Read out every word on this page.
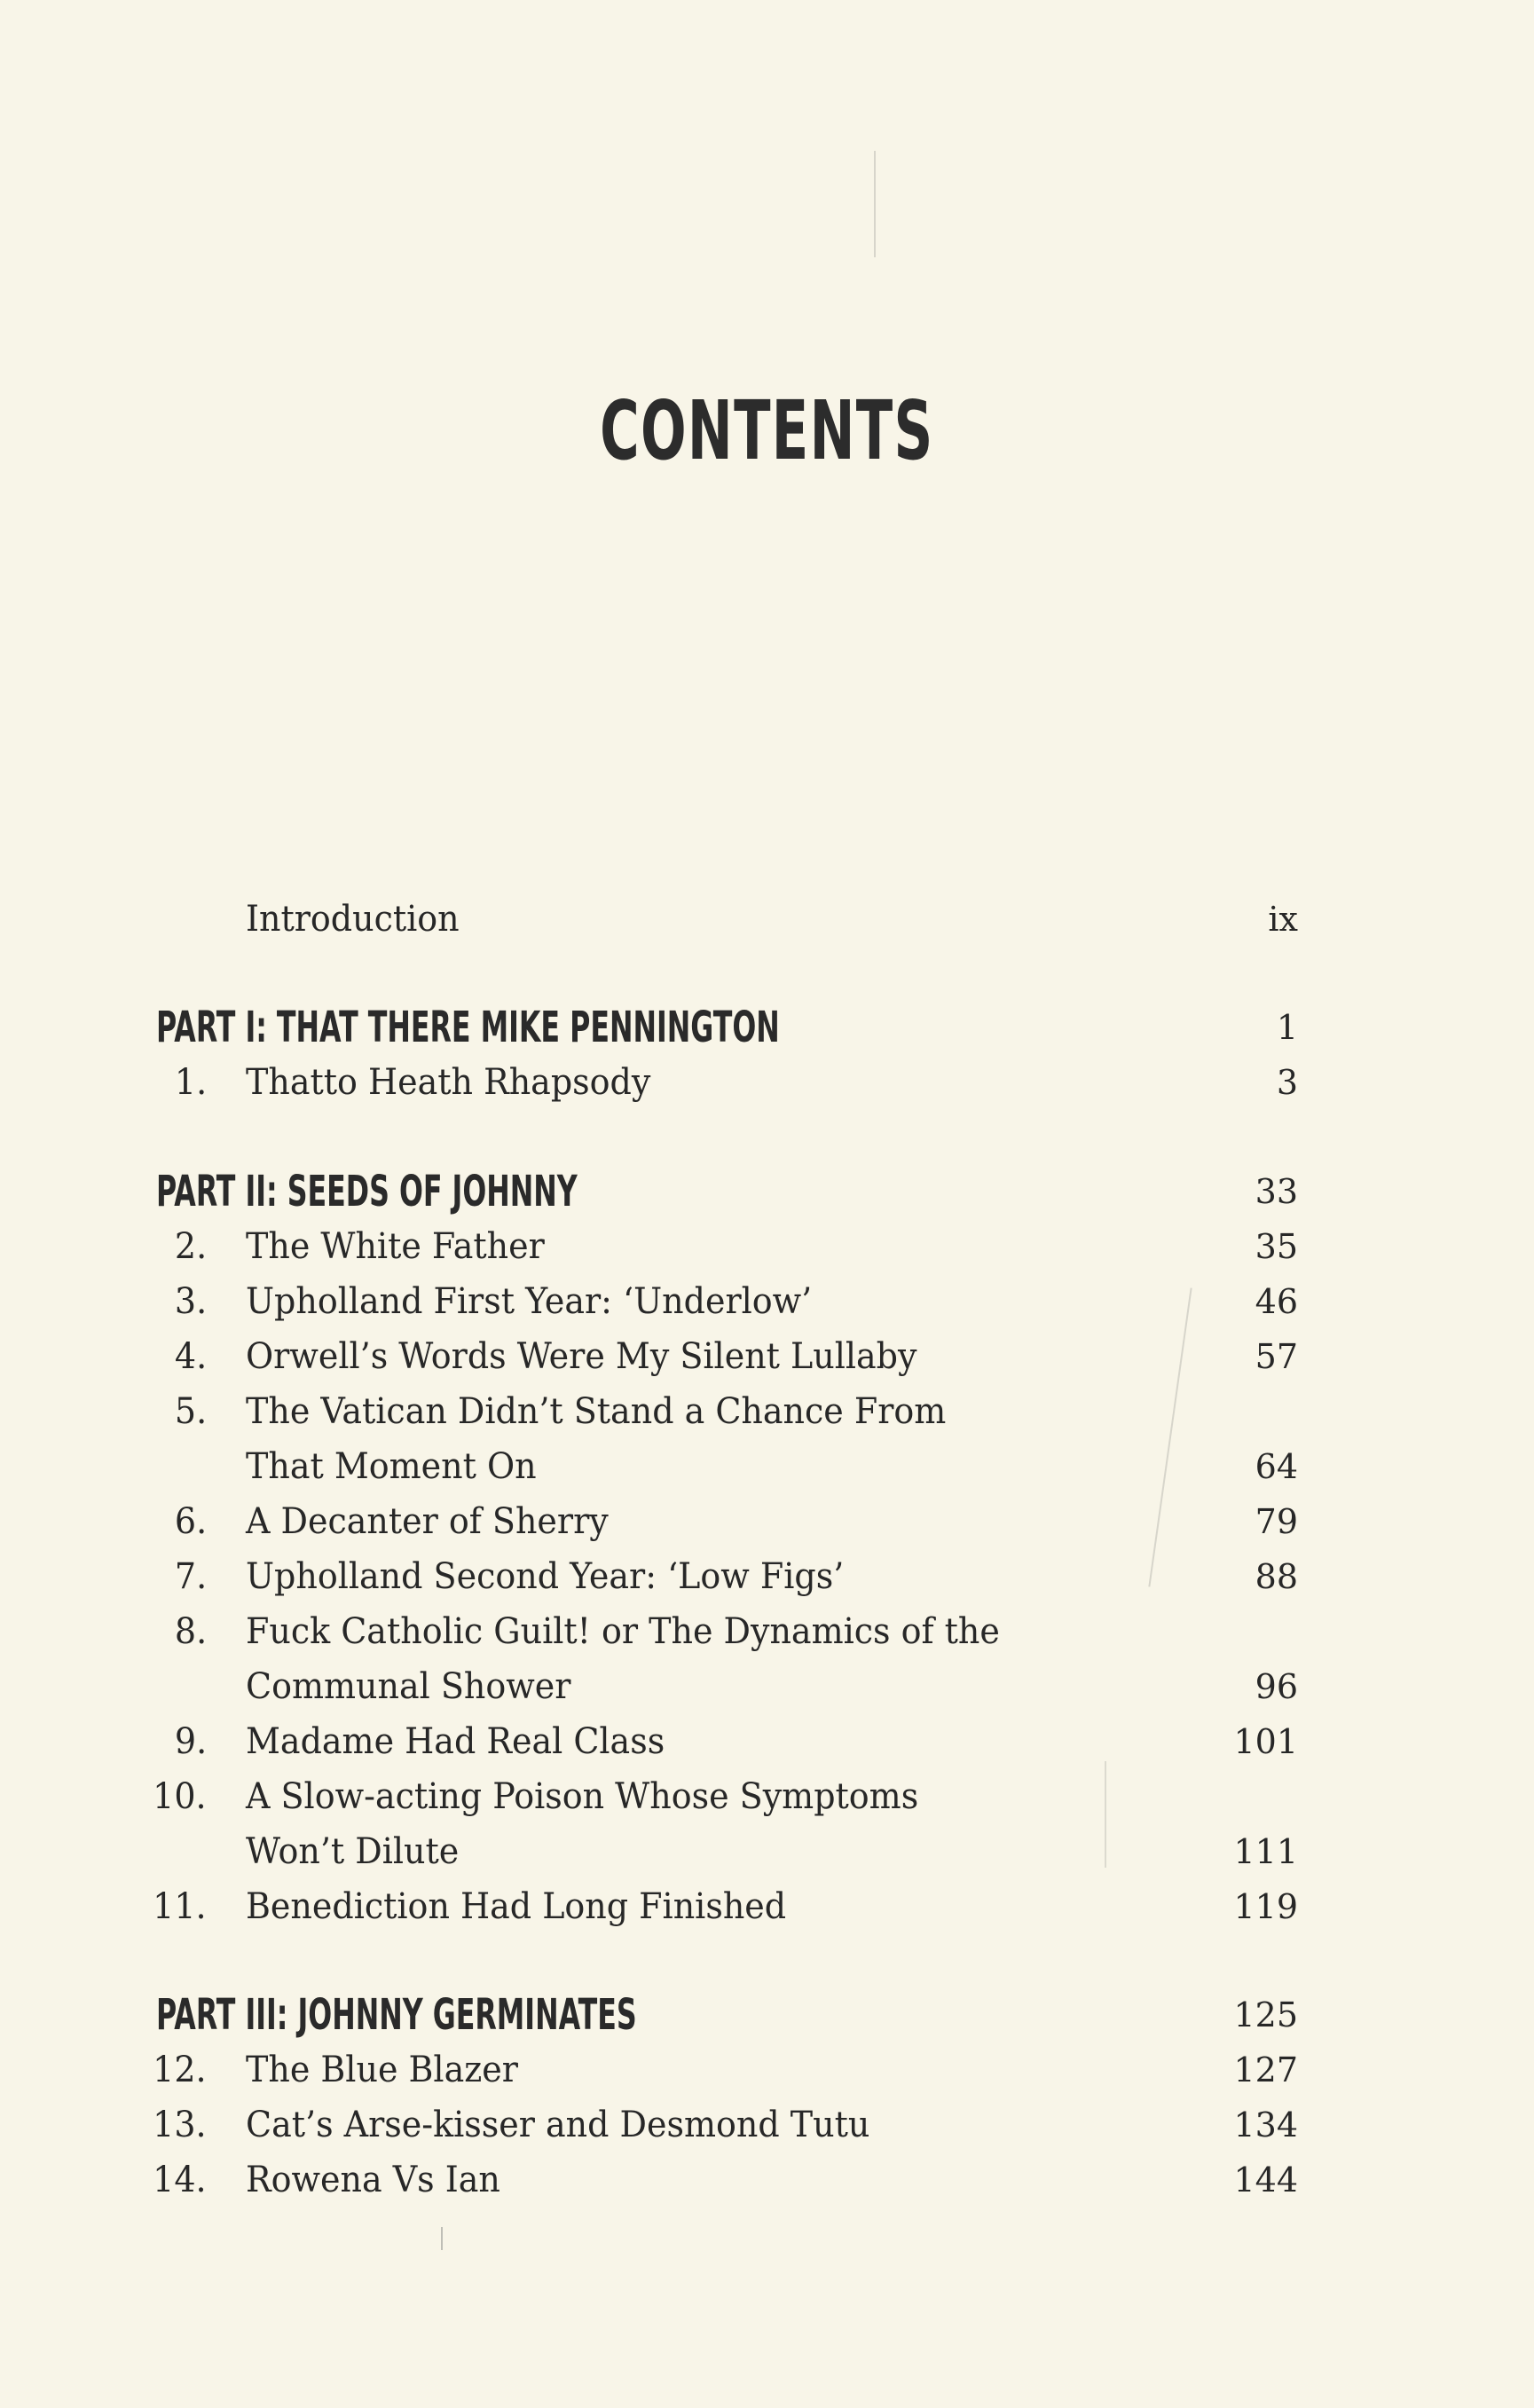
CONTENTS
Introduction	ix
PART I: THAT THERE MIKE PENNINGTON	1
1. Thatto Heath Rhapsody	3
PART II: SEEDS OF JOHNNY	33
2. The White Father	35
3. Upholland First Year: ‘Underlow’	46
4. Orwell’s Words Were My Silent Lullaby	57
5. The Vatican Didn’t Stand a Chance From
That Moment On	64
6. A Decanter of Sherry	79
7. Upholland Second Year: ‘Low Figs’	88
8. Fuck Catholic Guilt! or The Dynamics of the
Communal Shower	96
9. Madame Had Real Class	101
10. A Slow-acting Poison Whose Symptoms
Won’t Dilute	111
11. Benediction Had Long Finished	119
PART III: JOHNNY GERMINATES	125
12. The Blue Blazer	127
13. Cat’s Arse-kisser and Desmond Tutu	134
14. Rowena Vs Ian	144
